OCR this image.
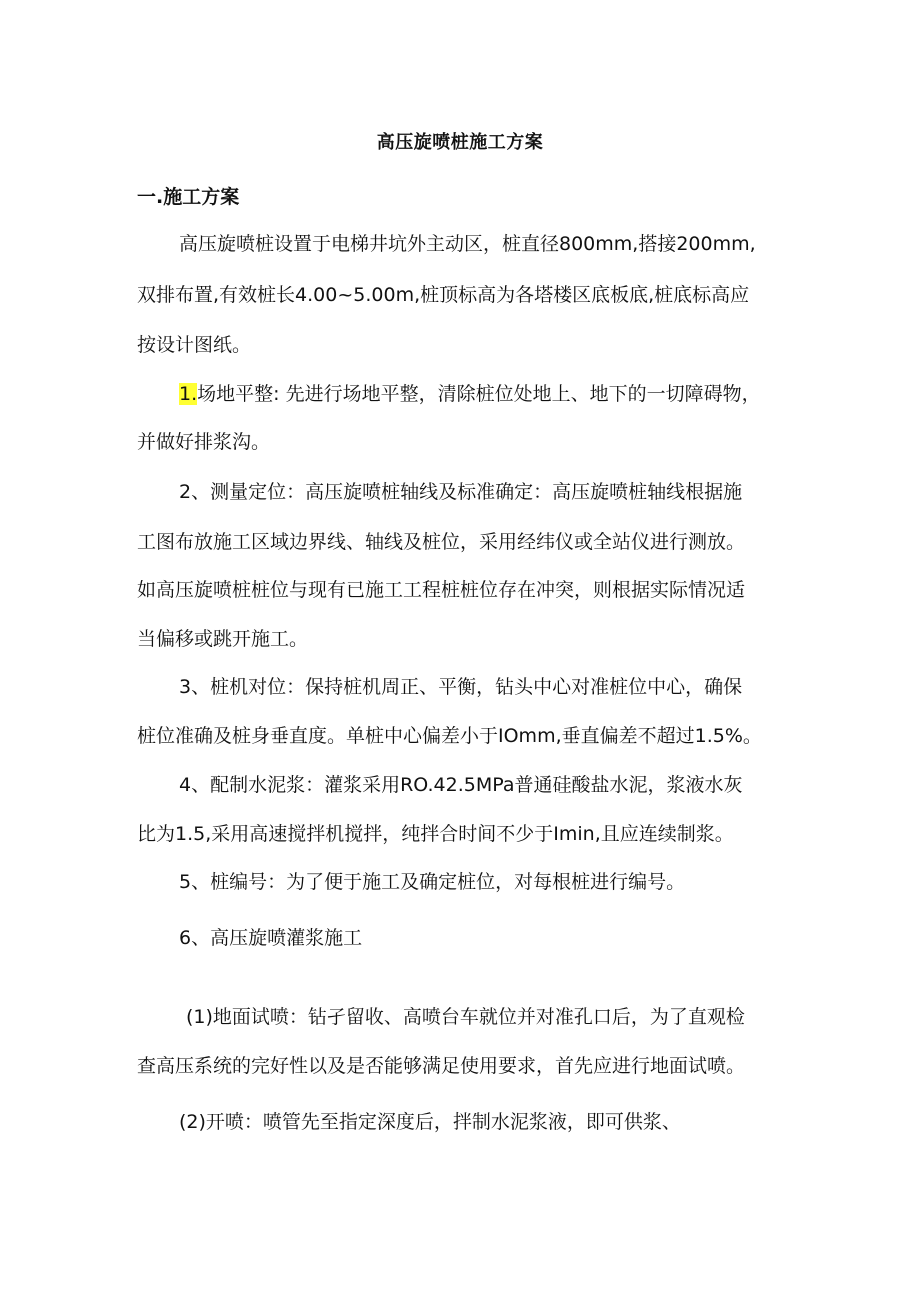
高压旋喷桩施工方案
一.施工方案
高压旋喷桩设置于电梯井坑外主动区，桩直径800mm,搭接200mm,
双排布置,有效桩长4.00~5.00m,桩顶标高为各塔楼区底板底,桩底标高应
按设计图纸。
1.场地平整: 先进行场地平整，清除桩位处地上、地下的一切障碍物，
并做好排浆沟。
2、测量定位：高压旋喷桩轴线及标准确定：高压旋喷桩轴线根据施
工图布放施工区域边界线、轴线及桩位，采用经纬仪或全站仪进行测放。
如高压旋喷桩桩位与现有已施工工程桩桩位存在冲突，则根据实际情况适
当偏移或跳开施工。
3、桩机对位：保持桩机周正、平衡，钻头中心对准桩位中心，确保
桩位准确及桩身垂直度。单桩中心偏差小于IOmm,垂直偏差不超过1.5%。
4、配制水泥浆：灌浆采用RO.42.5MPa普通硅酸盐水泥，浆液水灰
比为1.5,采用高速搅拌机搅拌，纯拌合时间不少于Imin,且应连续制浆。
5、桩编号：为了便于施工及确定桩位，对每根桩进行编号。
6、高压旋喷灌浆施工
(1)地面试喷：钻孑留收、高喷台车就位并对准孔口后，为了直观检
查高压系统的完好性以及是否能够满足使用要求，首先应进行地面试喷。
(2)开喷：喷管先至指定深度后，拌制水泥浆液，即可供浆、
